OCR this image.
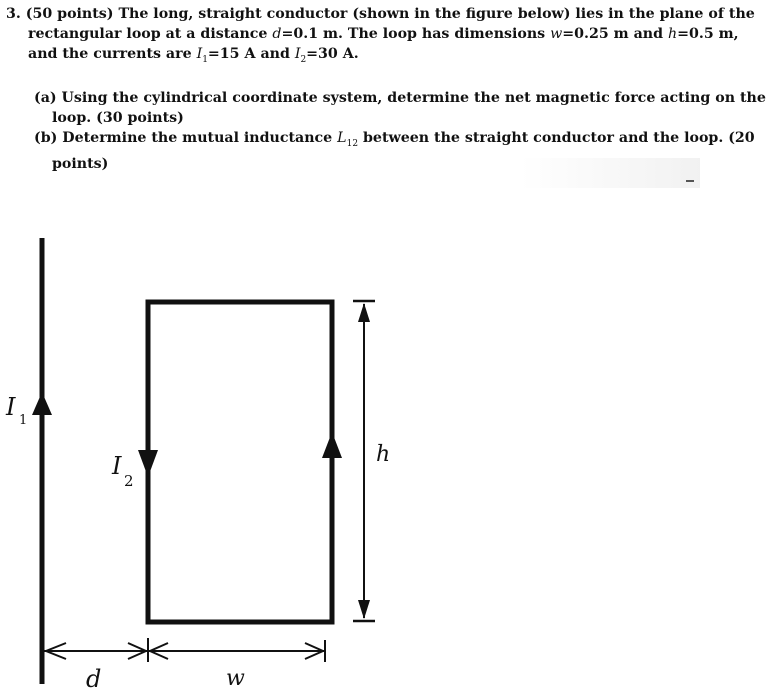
3. (50 points) The long, straight conductor (shown in the figure below) lies in the plane of the
rectangular loop at a distance d=0.1 m. The loop has dimensions w=0.25 m and h=0.5 m,
and the currents are $I_1=15$ A and $I_2=30$ A.
(a) Using the cylindrical coordinate system, determine the net magnetic force acting on the
loop. (30 points)
(b) Determine the mutual inductance $L_{12}$ between the straight conductor and the loop. (20
points)
I 1
I
2
h
d	w
